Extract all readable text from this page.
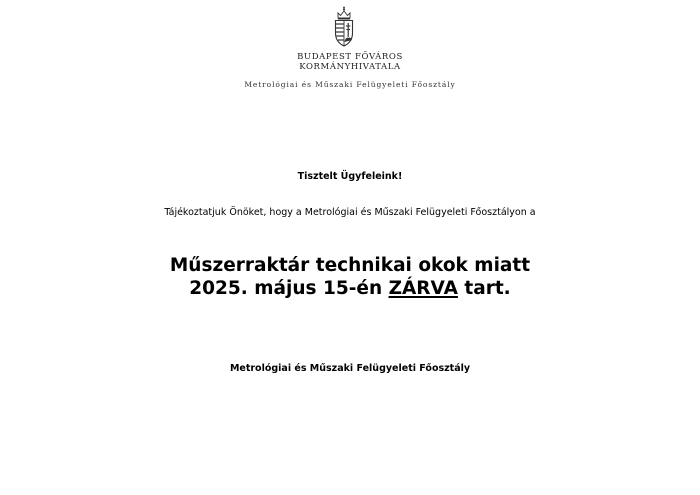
BUDAPEST FŐVÁROS
KORMÁNYHIVATALA
Metrológiai és Műszaki Felügyeleti Főosztály
Tisztelt Ügyfeleink!
Tájékoztatjuk Önöket, hogy a Metrológiai és Műszaki Felügyeleti Főosztályon a
Műszerraktár technikai okok miatt
2025. május 15-én ZÁRVA tart.
Metrológiai és Műszaki Felügyeleti Főosztály
